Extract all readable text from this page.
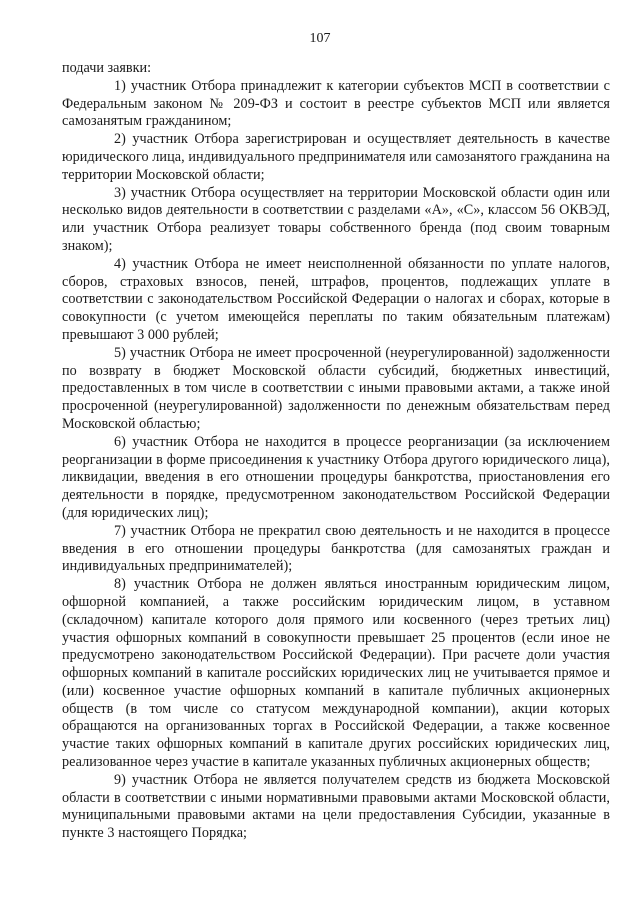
107

подачи заявки:

1) участник Отбора принадлежит к категории субъектов МСП в соответствии с Федеральным законом № 209-ФЗ и состоит в реестре субъектов МСП или является самозанятым гражданином;

2) участник Отбора зарегистрирован и осуществляет деятельность в качестве юридического лица, индивидуального предпринимателя или самозанятого гражданина на территории Московской области;

3) участник Отбора осуществляет на территории Московской области один или несколько видов деятельности в соответствии с разделами «А», «С», классом 56 ОКВЭД, или участник Отбора реализует товары собственного бренда (под своим товарным знаком);

4) участник Отбора не имеет неисполненной обязанности по уплате налогов, сборов, страховых взносов, пеней, штрафов, процентов, подлежащих уплате в соответствии с законодательством Российской Федерации о налогах и сборах, которые в совокупности (с учетом имеющейся переплаты по таким обязательным платежам) превышают 3 000 рублей;

5) участник Отбора не имеет просроченной (неурегулированной) задолженности по возврату в бюджет Московской области субсидий, бюджетных инвестиций, предоставленных в том числе в соответствии с иными правовыми актами, а также иной просроченной (неурегулированной) задолженности по денежным обязательствам перед Московской областью;

6) участник Отбора не находится в процессе реорганизации (за исключением реорганизации в форме присоединения к участнику Отбора другого юридического лица), ликвидации, введения в его отношении процедуры банкротства, приостановления его деятельности в порядке, предусмотренном законодательством Российской Федерации (для юридических лиц);

7) участник Отбора не прекратил свою деятельность и не находится в процессе введения в его отношении процедуры банкротства (для самозанятых граждан и индивидуальных предпринимателей);

8) участник Отбора не должен являться иностранным юридическим лицом, офшорной компанией, а также российским юридическим лицом, в уставном (складочном) капитале которого доля прямого или косвенного (через третьих лиц) участия офшорных компаний в совокупности превышает 25 процентов (если иное не предусмотрено законодательством Российской Федерации). При расчете доли участия офшорных компаний в капитале российских юридических лиц не учитывается прямое и (или) косвенное участие офшорных компаний в капитале публичных акционерных обществ (в том числе со статусом международной компании), акции которых обращаются на организованных торгах в Российской Федерации, а также косвенное участие таких офшорных компаний в капитале других российских юридических лиц, реализованное через участие в капитале указанных публичных акционерных обществ;

9) участник Отбора не является получателем средств из бюджета Московской области в соответствии с иными нормативными правовыми актами Московской области, муниципальными правовыми актами на цели предоставления Субсидии, указанные в пункте 3 настоящего Порядка;
